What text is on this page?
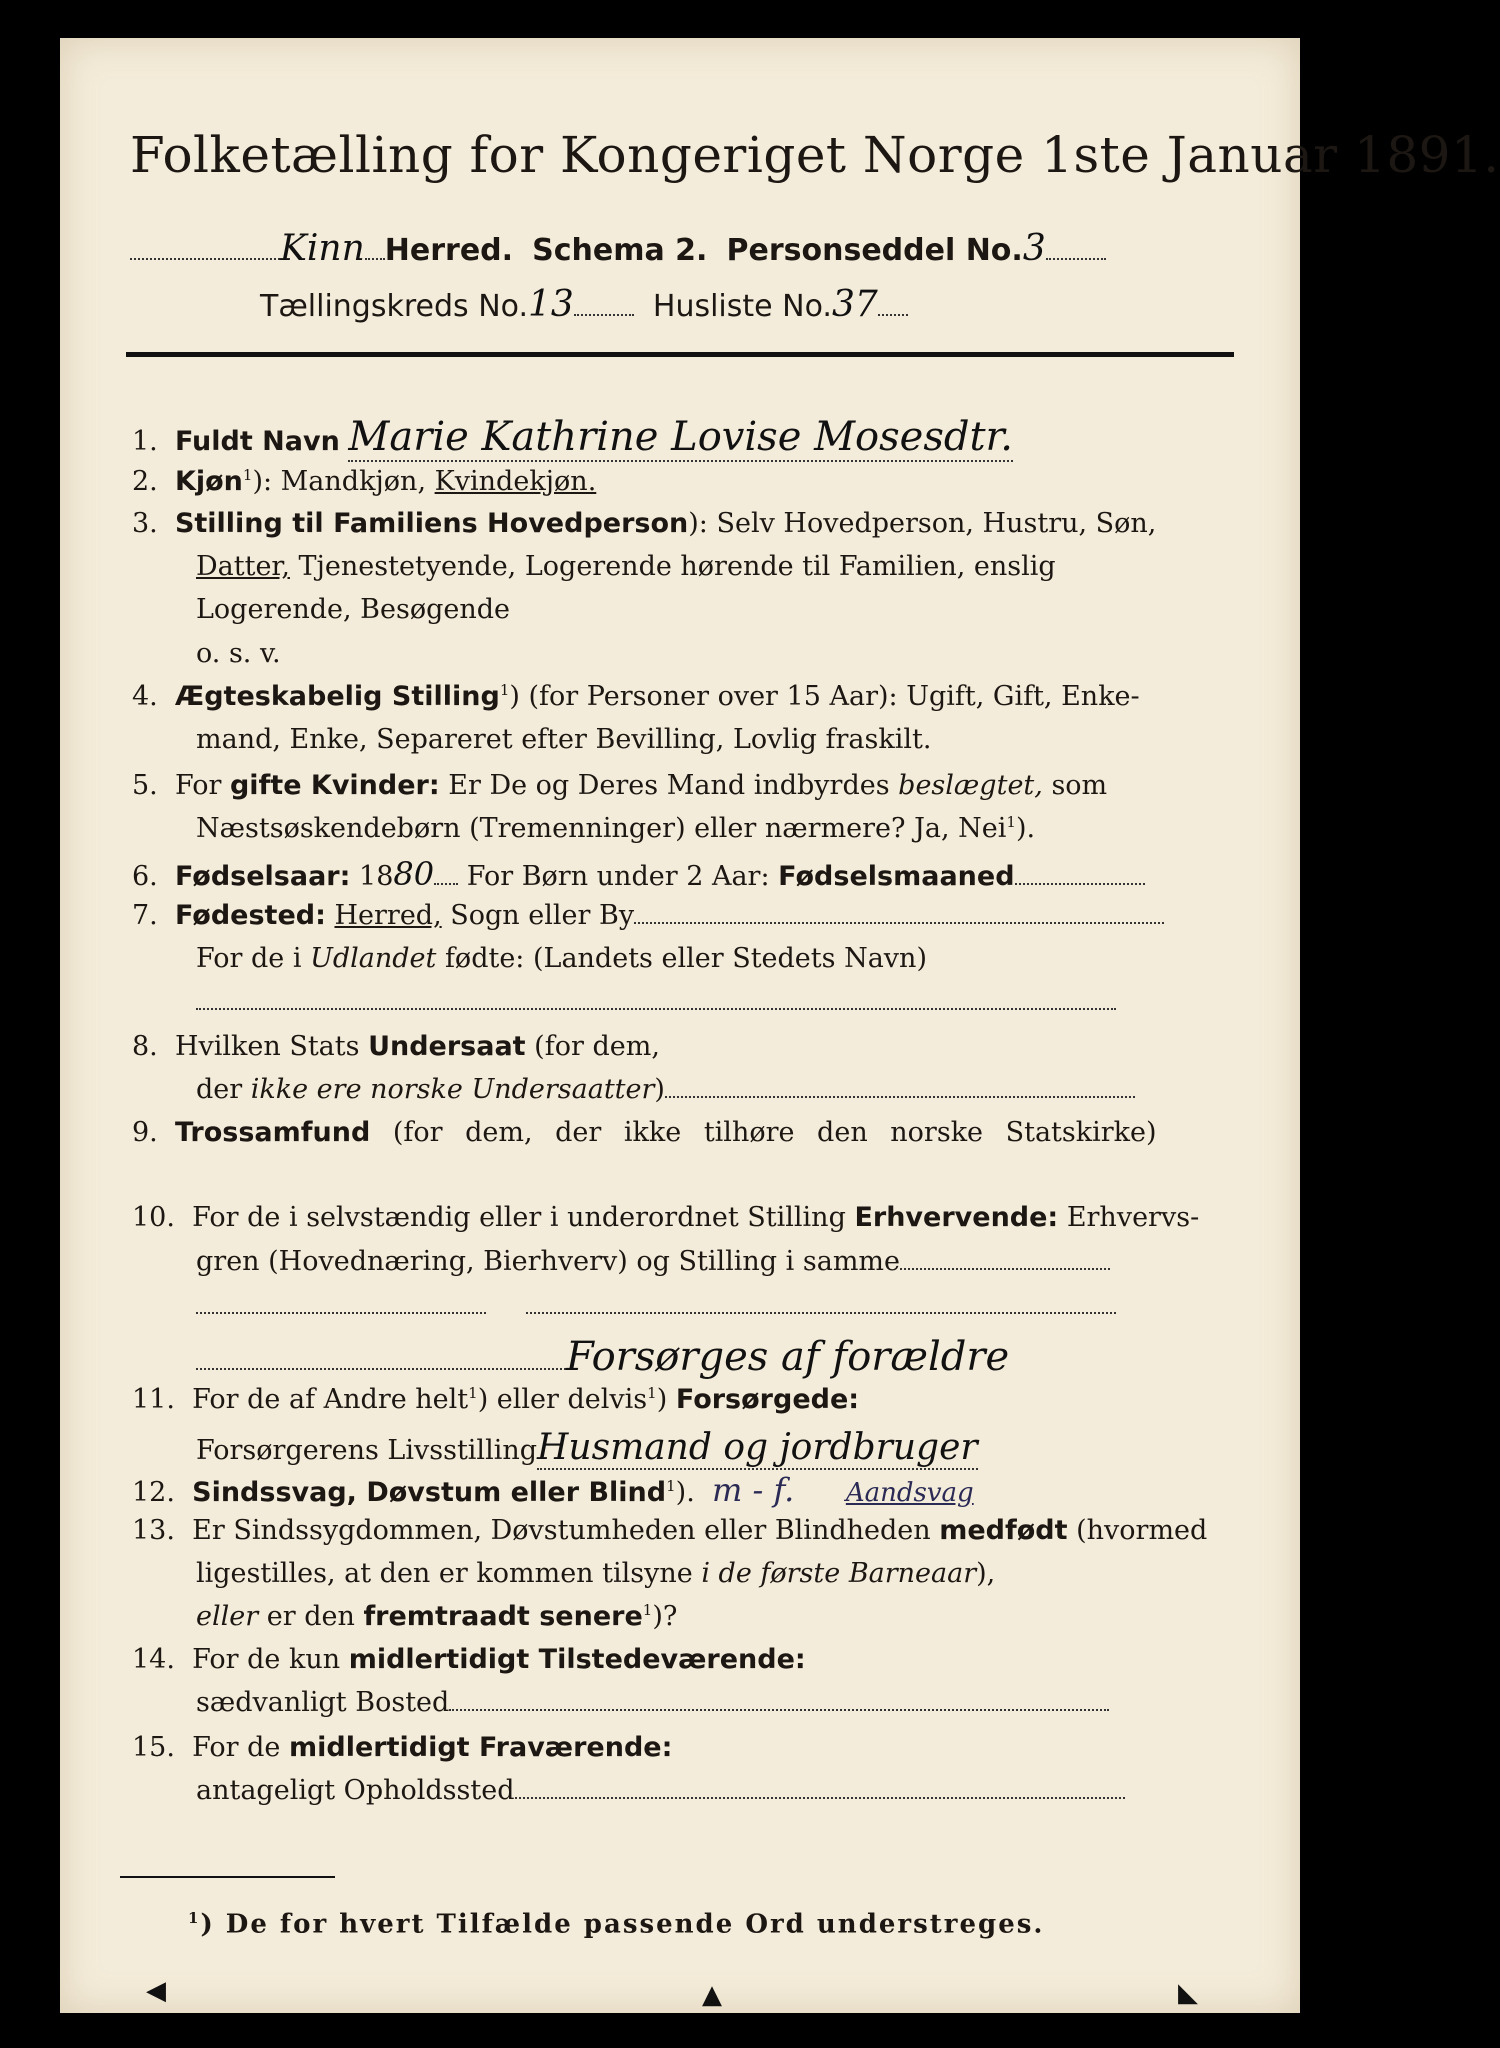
Folketælling for Kongeriget Norge 1ste Januar 1891.
Kinn Herred. Schema 2. Personseddel No.3
Tællingskreds No.13	Husliste No.37
1. Fuldt Navn Marie Kathrine Lovise Mosesdtr.
2. Kjøn$^1$): Mandkjøn, Kvindekjøn.
3. Stilling til Familiens Hovedperson): Selv Hovedperson, Hustru, Søn,
Datter, Tjenestetyende, Logerende hørende til Familien, enslig
Logerende, Besøgende
o. s. v.
4. Ægteskabelig Stilling$^1$) (for Personer over 15 Aar): Ugift, Gift, Enke-
mand, Enke, Separeret efter Bevilling, Lovlig fraskilt.
5. For gifte Kvinder: Er De og Deres Mand indbyrdes beslægtet, som
Næstsøskendebørn (Tremenninger) eller nærmere? Ja, Nei$^1$).
6. Fødselsaar: 1880 For Børn under 2 Aar: Fødselsmaaned
7. Fødested: Herred, Sogn eller By
For de i Udlandet fødte: (Landets eller Stedets Navn)
8. Hvilken Stats Undersaat (for dem,
der ikke ere norske Undersaatter)
9. Trossamfund (for dem, der ikke tilhøre den norske Statskirke)
10. For de i selvstændig eller i underordnet Stilling Erhvervende: Erhvervs-
gren (Hovednæring, Bierhverv) og Stilling i samme
Forsørges af forældre
11. For de af Andre helt$^1$) eller delvis$^1$) Forsørgede:
Forsørgerens LivsstillingHusmand og jordbruger
12. Sindssvag, Døvstum eller Blind$^1$). m - f. Aandsvag
13. Er Sindssygdommen, Døvstumheden eller Blindheden medfødt (hvormed
ligestilles, at den er kommen tilsyne i de første Barneaar),
eller er den fremtraadt senere$^1$)?
14. For de kun midlertidigt Tilstedeværende:
sædvanligt Bosted
15. For de midlertidigt Fraværende:
antageligt Opholdssted
$^1$) De for hvert Tilfælde passende Ord understreges.
◀	▲	◣
